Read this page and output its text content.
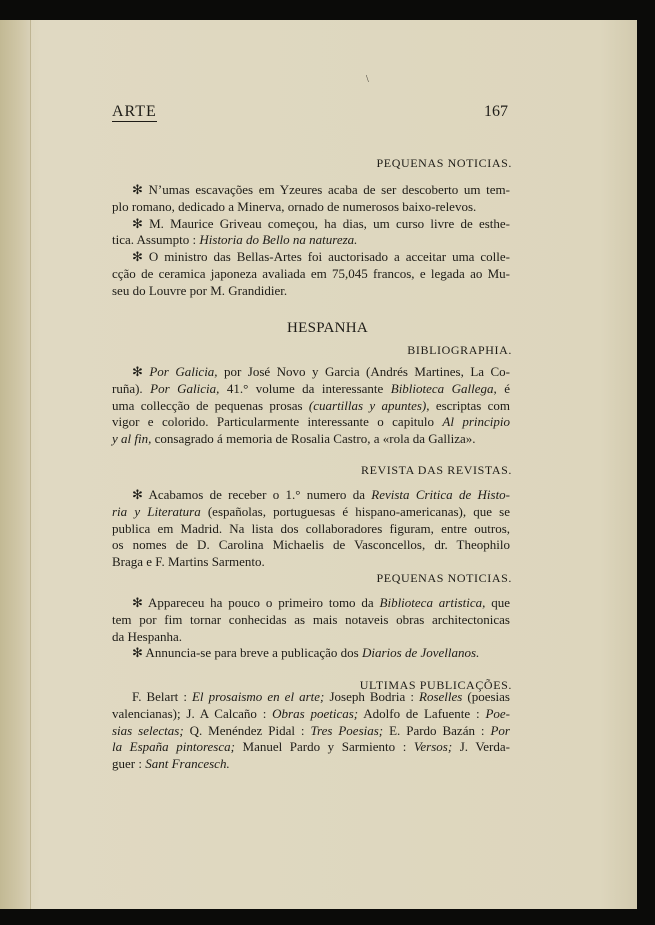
\
ARTE	167
PEQUENAS NOTICIAS.
✻ N’umas escavações em Yzeures acaba de ser descoberto um tem-
plo romano, dedicado a Minerva, ornado de numerosos baixo-relevos.
✻ M. Maurice Griveau começou, ha dias, um curso livre de esthe-
tica. Assumpto : Historia do Bello na natureza.
✻ O ministro das Bellas-Artes foi auctorisado a acceitar uma colle-
cção de ceramica japoneza avaliada em 75,045 francos, e legada ao Mu-
seu do Louvre por M. Grandidier.
HESPANHA
BIBLIOGRAPHIA.
✻ Por Galicia, por José Novo y Garcia (Andrés Martines, La Co-
ruña). Por Galicia, 41.° volume da interessante Biblioteca Gallega, é
uma collecção de pequenas prosas (cuartillas y apuntes), escriptas com
vigor e colorido. Particularmente interessante o capitulo Al principio
y al fin, consagrado á memoria de Rosalia Castro, a «rola da Galliza».
REVISTA DAS REVISTAS.
✻ Acabamos de receber o 1.° numero da Revista Critica de Histo-
ria y Literatura (españolas, portuguesas é hispano-americanas), que se
publica em Madrid. Na lista dos collaboradores figuram, entre outros,
os nomes de D. Carolina Michaelis de Vasconcellos, dr. Theophilo
Braga e F. Martins Sarmento.
PEQUENAS NOTICIAS.
✻ Appareceu ha pouco o primeiro tomo da Biblioteca artistica, que
tem por fim tornar conhecidas as mais notaveis obras architectonicas
da Hespanha.
✻ Annuncia-se para breve a publicação dos Diarios de Jovellanos.
ULTIMAS PUBLICAÇÕES.
F. Belart : El prosaismo en el arte; Joseph Bodria : Roselles (poesias
valencianas); J. A Calcaño : Obras poeticas; Adolfo de Lafuente : Poe-
sias selectas; Q. Menéndez Pidal : Tres Poesias; E. Pardo Bazán : Por
la España pintoresca; Manuel Pardo y Sarmiento : Versos; J. Verda-
guer : Sant Francesch.
